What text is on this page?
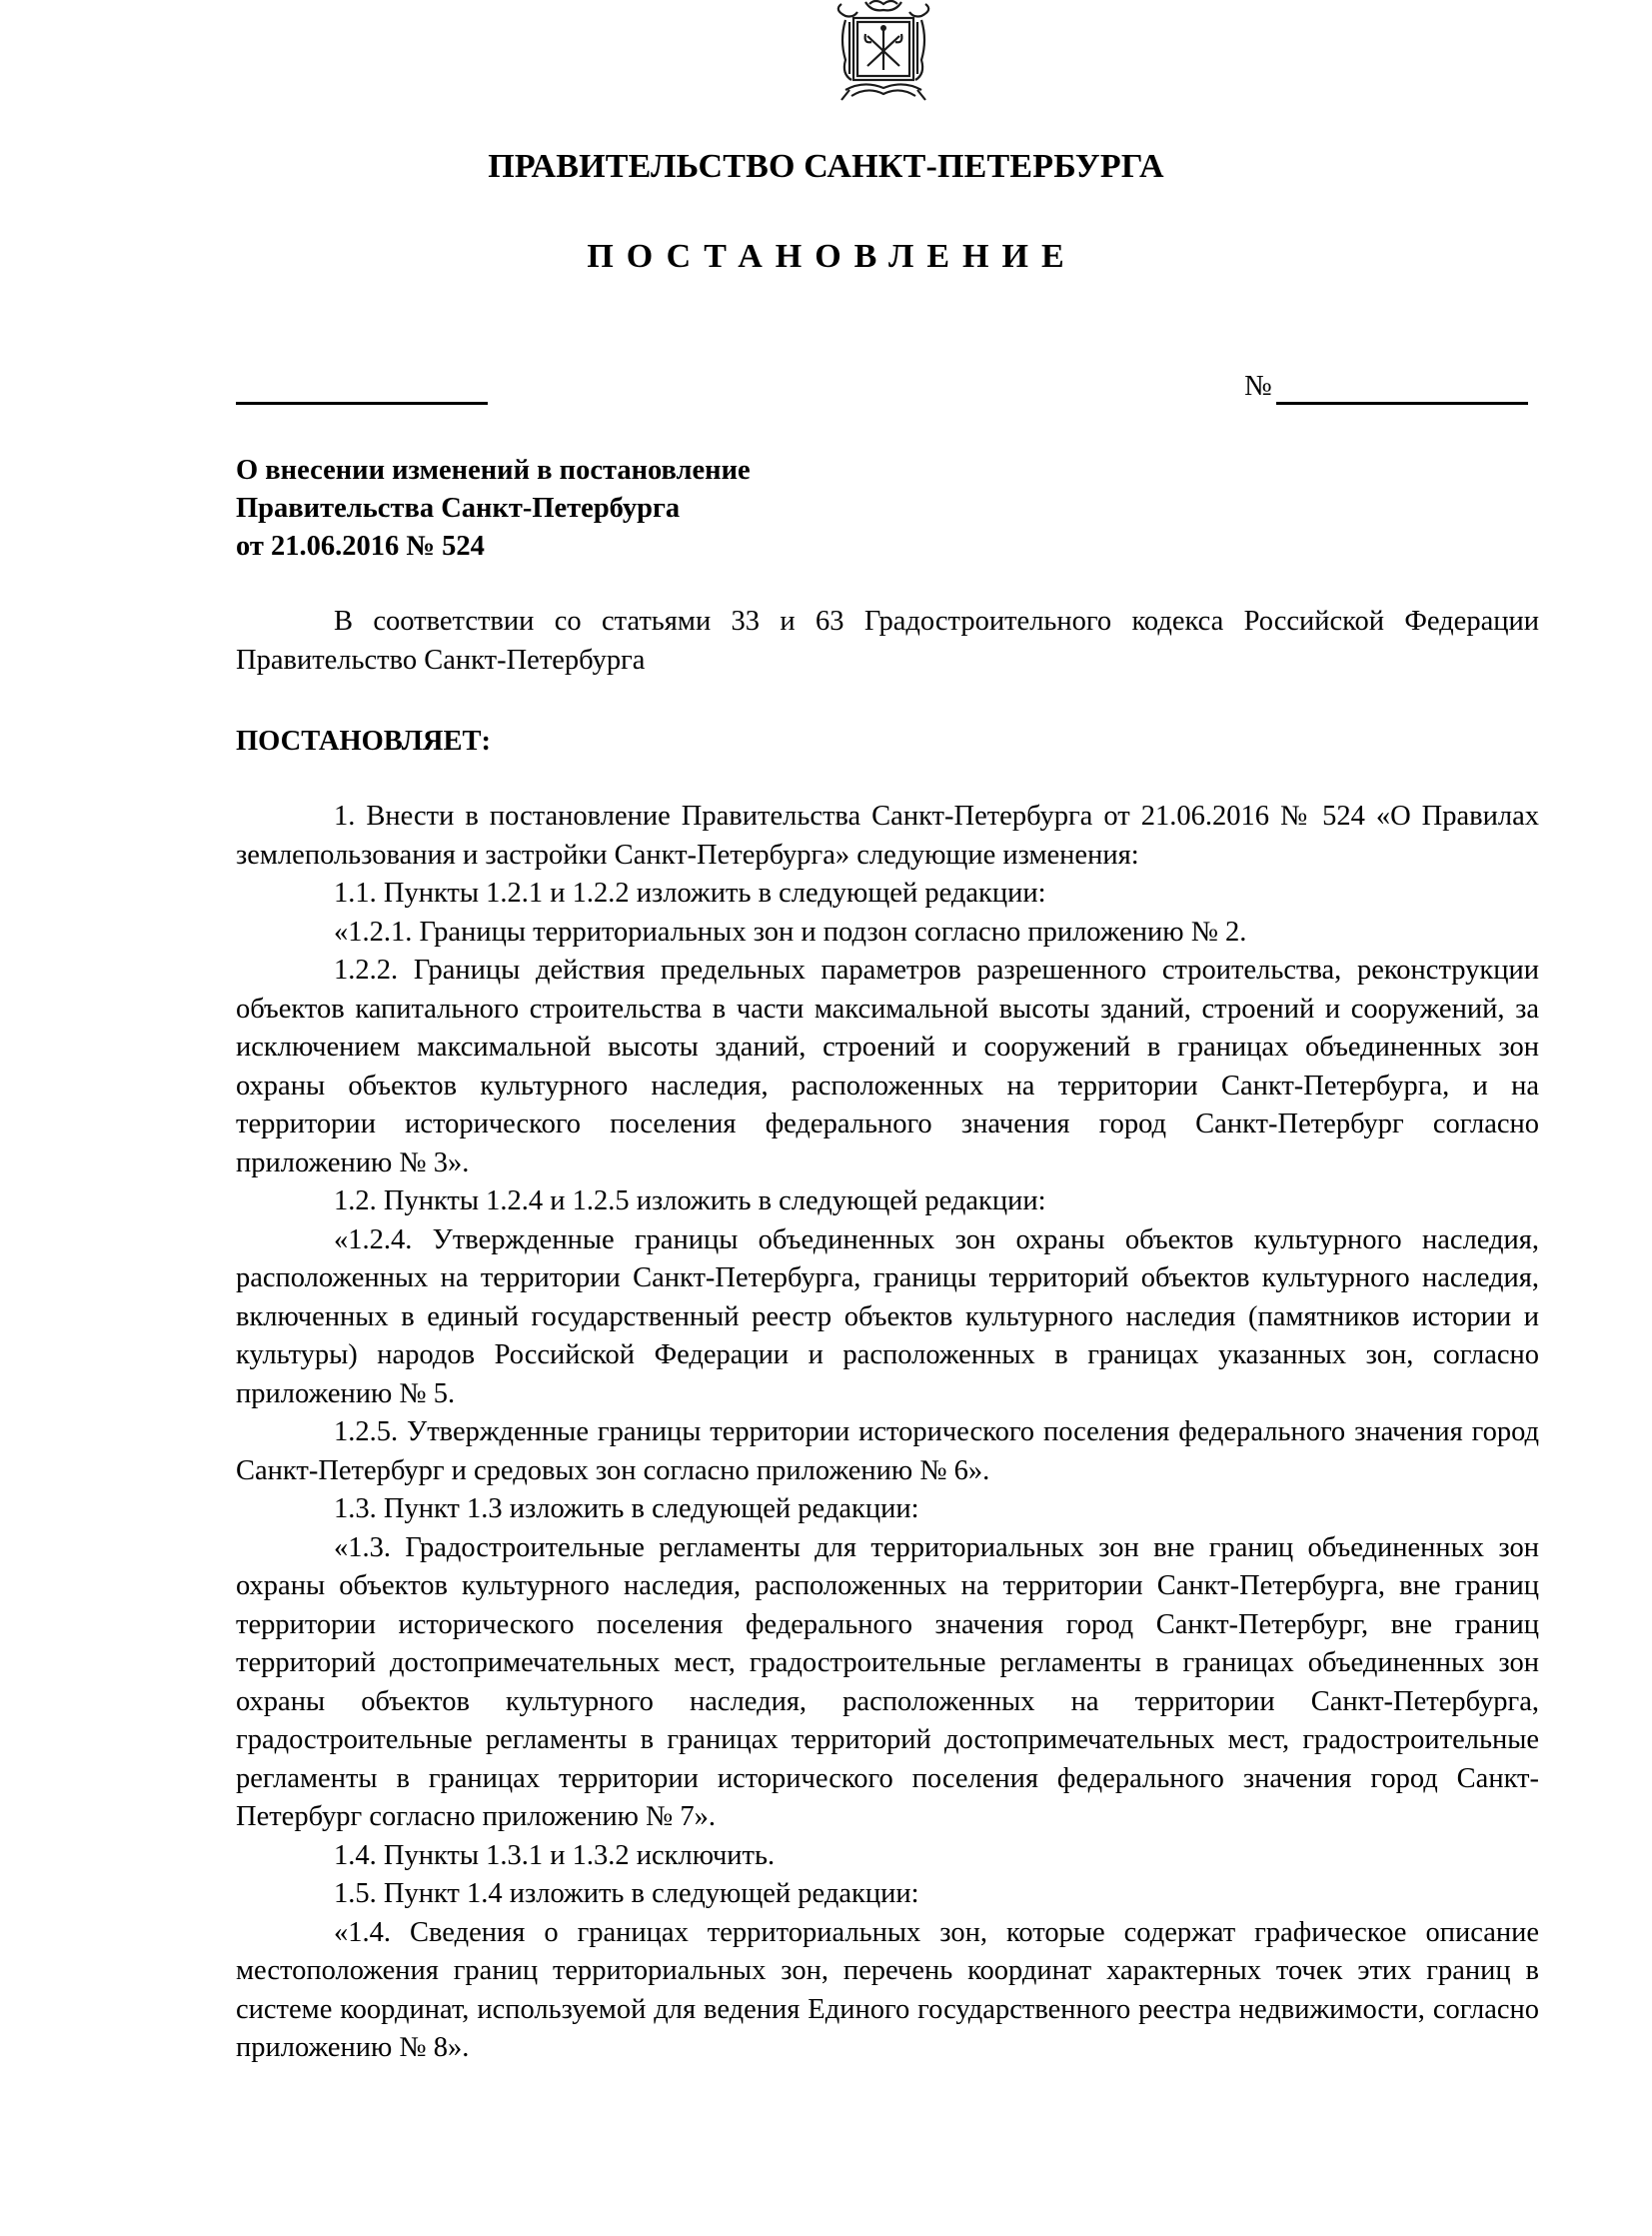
ПРАВИТЕЛЬСТВО САНКТ-ПЕТЕРБУРГА
ПОСТАНОВЛЕНИЕ
№
О внесении изменений в постановление
Правительства Санкт-Петербурга
от 21.06.2016 № 524
В соответствии со статьями 33 и 63 Градостроительного кодекса Российской Федерации Правительство Санкт-Петербурга
ПОСТАНОВЛЯЕТ:
1. Внести в постановление Правительства Санкт-Петербурга от 21.06.2016 № 524 «О Правилах землепользования и застройки Санкт-Петербурга» следующие изменения:
1.1. Пункты 1.2.1 и 1.2.2 изложить в следующей редакции:
«1.2.1. Границы территориальных зон и подзон согласно приложению № 2.
1.2.2. Границы действия предельных параметров разрешенного строительства, реконструкции объектов капитального строительства в части максимальной высоты зданий, строений и сооружений, за исключением максимальной высоты зданий, строений и сооружений в границах объединенных зон охраны объектов культурного наследия, расположенных на территории Санкт-Петербурга, и на территории исторического поселения федерального значения город Санкт-Петербург согласно приложению № 3».
1.2. Пункты 1.2.4 и 1.2.5 изложить в следующей редакции:
«1.2.4. Утвержденные границы объединенных зон охраны объектов культурного наследия, расположенных на территории Санкт-Петербурга, границы территорий объектов культурного наследия, включенных в единый государственный реестр объектов культурного наследия (памятников истории и культуры) народов Российской Федерации и расположенных в границах указанных зон, согласно приложению № 5.
1.2.5. Утвержденные границы территории исторического поселения федерального значения город Санкт-Петербург и средовых зон согласно приложению № 6».
1.3. Пункт 1.3 изложить в следующей редакции:
«1.3. Градостроительные регламенты для территориальных зон вне границ объединенных зон охраны объектов культурного наследия, расположенных на территории Санкт-Петербурга, вне границ территории исторического поселения федерального значения город Санкт-Петербург, вне границ территорий достопримечательных мест, градостроительные регламенты в границах объединенных зон охраны объектов культурного наследия, расположенных на территории Санкт-Петербурга, градостроительные регламенты в границах территорий достопримечательных мест, градостроительные регламенты в границах территории исторического поселения федерального значения город Санкт-Петербург согласно приложению № 7».
1.4. Пункты 1.3.1 и 1.3.2 исключить.
1.5. Пункт 1.4 изложить в следующей редакции:
«1.4. Сведения о границах территориальных зон, которые содержат графическое описание местоположения границ территориальных зон, перечень координат характерных точек этих границ в системе координат, используемой для ведения Единого государственного реестра недвижимости, согласно приложению № 8».
